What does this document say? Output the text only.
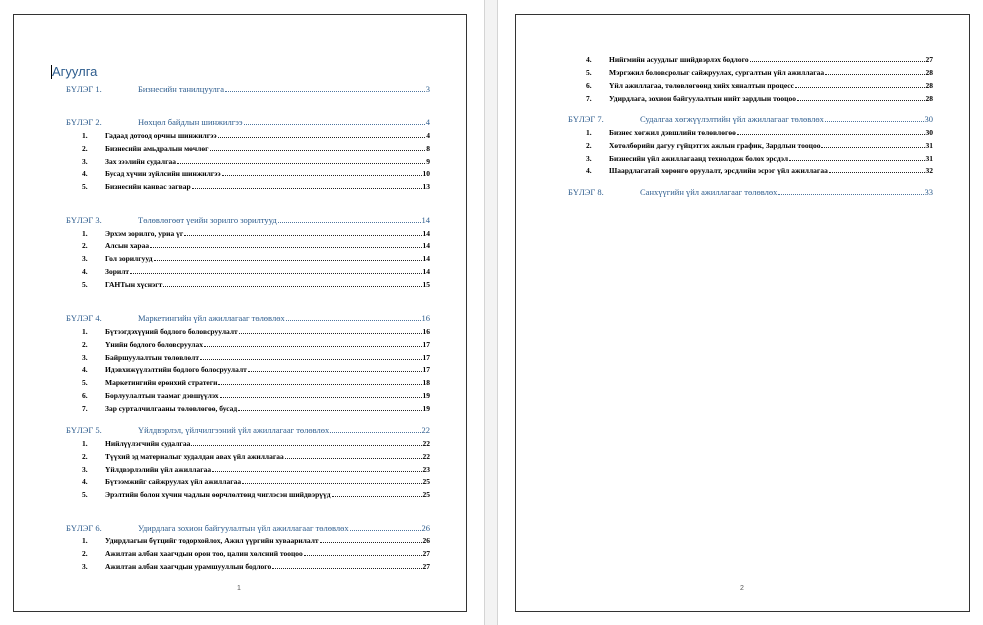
Агуулга
БҮЛЭГ 1.	Бизнесийн танилцуулга	3
БҮЛЭГ 2.	Нөхцөл байдлын шинжилгээ	4
1.	Гадаад дотоод орчны шинжилгээ	4
2.	Бизнесийн амьдралын мөчлөг	8
3.	Зах зээлийн судалгаа	9
4.	Бусад хүчин зүйлсийн шинжилгээ	10
5.	Бизнесийн канвас загвар	13
БҮЛЭГ 3.	Төлөвлөгөөт үеийн зорилго зорилтууд	14
1.	Эрхэм зорилго, уриа үг	14
2.	Алсын хараа	14
3.	Гол зорилгууд	14
4.	Зорилт	14
5.	ГАНТын хүснэгт	15
БҮЛЭГ 4.	Маркетингийн үйл ажиллагааг төлөвлөх	16
1.	Бүтээгдэхүүний бодлого боловсруулалт	16
2.	Үнийн бодлого боловсруулах	17
3.	Байршуулалтын төлөвлөлт	17
4.	Идэвхижүүлэлтийн бодлого болосруулалт	17
5.	Маркетингийн ерөнхий стратеги	18
6.	Борлуулалтын таамаг дэвшүүлэх	19
7.	Зар сурталчилгааны төлөвлөгөө, бусад	19
БҮЛЭГ 5.	Үйлдвэрлэл, үйлчилгээний үйл ажиллагааг төлөвлөх	22
1.	Нийлүүлэгчийн судалгаа	22
2.	Түүхий эд материалыг худалдан авах үйл ажиллагаа	22
3.	Үйлдвэрлэлийн үйл ажиллагаа	23
4.	Бүтээмжийг сайжруулах үйл ажиллагаа	25
5.	Эрэлтийн болон хүчин чадлын өөрчлөлтөнд чиглэсэн шийдвэрүүд	25
БҮЛЭГ 6.	Удирдлага зохион байгуулалтын үйл ажиллагааг төлөвлөх	26
1.	Удирдлагын бүтцийг тодорхойлох, Ажил үүргийн хуваарилалт	26
2.	Ажилтан албан хаагчдын орон тоо, цалин хөлсний тооцоо	27
3.	Ажилтан албан хаагчдын урамшууллын бодлого	27
1
4.	Нийгмийн асуудлыг шийдвэрлэх бодлого	27
5.	Мэргэжил боловсролыг сайжруулах, сургалтын үйл ажиллагаа	28
6.	Үйл ажиллагаа, төлөвлөгөөнд хийх хяналтын процесс	28
7.	Удирдлага, зохион байгуулалтын нийт зардлын тооцоо	28
БҮЛЭГ 7.	Судалгаа хөгжүүлэлтийн үйл ажиллагааг төлөвлөх	30
1.	Бизнес хөгжил дэвшлийн төлөвлөгөө	30
2.	Хөтөлбөрийн дагуу гүйцэтгэх ажлын график, Зардлын тооцоо	31
3.	Бизнесийн үйл ажиллагаанд технолдож болох эрсдэл	31
4.	Шаардлагатай хөрөнгө оруулалт, эрсдлийн эсрэг үйл ажиллагаа	32
БҮЛЭГ 8.	Санхүүгийн үйл ажиллагааг төлөвлөх	33
2
